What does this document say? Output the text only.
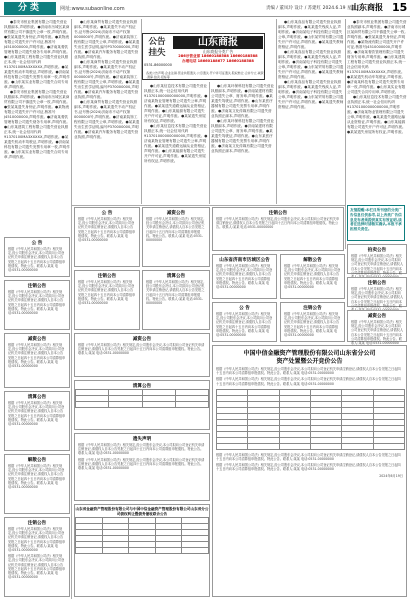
分类	网址:www.subaonline.com	责编 / 董凤玲 设计 / 苏建红 2024.6.19 星期三
山东商报 15

●泰安市恒业集团有限公司遗失营业执照副本,声明作废。●济南市历城区某商贸有限公司不慎遗失公章一枚,声明作废。●张某某遗失身份证,声明作废。●某物流有限公司遗失开户许可证,核准号J4510000000,声明作废。●济南某餐饮管理有限公司遗失财务专用章,声明作废。●山东某建筑工程有限公司遗失营业执照正本,统一社会信用代码91370100MA3XXXXX,声明作废。●某某遗失机动车驾驶证,声明作废。●济南某科技有限公司遗失发票专用章一枚,声明作废。●山东某实业有限公司遗失合同专用章,声明作废。

●泰安市恒业集团有限公司遗失营业执照副本,声明作废。●济南市历城区某商贸有限公司不慎遗失公章一枚,声明作废。●张某某遗失身份证,声明作废。●某物流有限公司遗失开户许可证,核准号J4510000000,声明作废。●济南某餐饮管理有限公司遗失财务专用章,声明作废。●山东某建筑工程有限公司遗失营业执照正本,统一社会信用代码91370100MA3XXXXX,声明作废。●某某遗失机动车驾驶证,声明作废。●济南某科技有限公司遗失发票专用章一枚,声明作废。●山东某实业有限公司遗失合同专用章,声明作废。

●山东某商贸有限公司遗失营业执照副本,声明作废。●某某遗失不动产权证书,证号鲁(2024)济南市不动产权第0000000号,声明作废。●济南某装饰工程有限公司遗失公章,声明作废。●某某遗失出生医学证明,编号P370000000,声明作废。●济南某汽车服务有限公司遗失营业执照,声明作废。

●山东某商贸有限公司遗失营业执照副本,声明作废。●某某遗失不动产权证书,证号鲁(2024)济南市不动产权第0000000号,声明作废。●济南某装饰工程有限公司遗失公章,声明作废。●某某遗失出生医学证明,编号P370000000,声明作废。●济南某汽车服务有限公司遗失营业执照,声明作废。

●山东某商贸有限公司遗失营业执照副本,声明作废。●某某遗失不动产权证书,证号鲁(2024)济南市不动产权第0000000号,声明作废。●济南某装饰工程有限公司遗失公章,声明作废。●某某遗失出生医学证明,编号P370000000,声明作废。●济南某汽车服务有限公司遗失营业执照,声明作废。

公告
挂失
0531-86000000
山东商报
山东商报分类广告
286@营业部 18660188588 18660188588
办理电话 18660188677 18660188588
各类公告声明·企业注销·营业执照遗失·公章遗失·开户许可证遗失·股权转让·合并分立·减资·清算·拍卖·招标等

●山东某信息技术有限公司遗失营业执照正本,统一社会信用代码913701000000000000,声明作废。●济南某物业管理有限公司遗失公章,声明作废。●某某遗失道路运输从业资格证,声明作废。●山东某能源有限公司遗失开户许可证,声明作废。●某某遗失房屋所有权证,声明作废。

●山东某信息技术有限公司遗失营业执照正本,统一社会信用代码913701000000000000,声明作废。●济南某物业管理有限公司遗失公章,声明作废。●某某遗失道路运输从业资格证,声明作废。●山东某能源有限公司遗失开户许可证,声明作废。●某某遗失房屋所有权证,声明作废。

●山东某环保科技有限公司遗失营业执照副本,声明作废。●济南某建材有限公司遗失公章、财务章,声明作废。●某某遗失驾驶证,声明作废。●山东某医疗器械有限公司遗失发票专用章,声明作废。●济南某文化传媒有限公司遗失营业执照正副本,声明作废。

●山东某环保科技有限公司遗失营业执照副本,声明作废。●济南某建材有限公司遗失公章、财务章,声明作废。●某某遗失驾驶证,声明作废。●山东某医疗器械有限公司遗失发票专用章,声明作废。●济南某文化传媒有限公司遗失营业执照正副本,声明作废。

●山东某食品有限公司遗失营业执照副本,声明作废。●某某遗失残疾人证,声明作废。●济南某电子科技有限公司遗失公章,声明作废。●山东某贸易有限公司遗失开户许可证,声明作废。●某某遗失教师资格证,声明作废。

●山东某食品有限公司遗失营业执照副本,声明作废。●某某遗失残疾人证,声明作废。●济南某电子科技有限公司遗失公章,声明作废。●山东某贸易有限公司遗失开户许可证,声明作废。●某某遗失教师资格证,声明作废。

●山东某食品有限公司遗失营业执照副本,声明作废。●某某遗失残疾人证,声明作废。●济南某电子科技有限公司遗失公章,声明作废。●山东某贸易有限公司遗失开户许可证,声明作废。●某某遗失教师资格证,声明作废。

●泰安市恒业集团有限公司遗失营业执照副本,声明作废。●济南市历城区某商贸有限公司不慎遗失公章一枚,声明作废。●张某某遗失身份证,声明作废。●某物流有限公司遗失开户许可证,核准号J4510000000,声明作废。●济南某餐饮管理有限公司遗失财务专用章,声明作废。●山东某建筑工程有限公司遗失营业执照正本,统一社会信用代码91370100MA3XXXXX,声明作废。●某某遗失机动车驾驶证,声明作废。●济南某科技有限公司遗失发票专用章一枚,声明作废。●山东某实业有限公司遗失合同专用章,声明作废。

●山东某信息技术有限公司遗失营业执照正本,统一社会信用代码913701000000000000,声明作废。●济南某物业管理有限公司遗失公章,声明作废。●某某遗失道路运输从业资格证,声明作废。●山东某能源有限公司遗失开户许可证,声明作废。●某某遗失房屋所有权证,声明作废。

友情提醒:本栏目所刊登的分类广告信息仅供参考,以上各类广告信息发布者须提供真实有效证明,读者在选择时请核实确认,本报不承担相关责任。
公 告
根据《中华人民共和国公司法》相关规定,经公司股东会决议,本公司拟向公司登记机关申请注销登记,请债权人自本公告见报之日起四十五日内向本公司清算组申报债权。特此公告。联系人:某某 电话:0531-00000000
注销公告
根据《中华人民共和国公司法》相关规定,经公司股东会决议,本公司拟向公司登记机关申请注销登记,请债权人自本公告见报之日起四十五日内向本公司清算组申报债权。特此公告。联系人:某某 电话:0531-00000000
减资公告
根据《中华人民共和国公司法》相关规定,经公司股东会决议,本公司拟向公司登记机关申请注销登记,请债权人自本公告见报之日起四十五日内向本公司清算组申报债权。特此公告。联系人:某某 电话:0531-00000000
清算公告
根据《中华人民共和国公司法》相关规定,经公司股东会决议,本公司拟向公司登记机关申请注销登记,请债权人自本公告见报之日起四十五日内向本公司清算组申报债权。特此公告。联系人:某某 电话:0531-00000000
解散公告
根据《中华人民共和国公司法》相关规定,经公司股东会决议,本公司拟向公司登记机关申请注销登记,请债权人自本公告见报之日起四十五日内向本公司清算组申报债权。特此公告。联系人:某某 电话:0531-00000000
注销公告
根据《中华人民共和国公司法》相关规定,经公司股东会决议,本公司拟向公司登记机关申请注销登记,请债权人自本公告见报之日起四十五日内向本公司清算组申报债权。特此公告。联系人:某某 电话:0531-00000000
根据《中华人民共和国公司法》相关规定,经公司股东会决议,本公司拟向公司登记机关申请注销登记,请债权人自本公告见报之日起四十五日内向本公司清算组申报债权。特此公告。联系人:某某 电话:0531-00000000
公 告
根据《中华人民共和国公司法》相关规定,经公司股东会决议,本公司拟向公司登记机关申请注销登记,请债权人自本公告见报之日起四十五日内向本公司清算组申报债权。特此公告。联系人:某某 电话:0531-00000000
注销公告
根据《中华人民共和国公司法》相关规定,经公司股东会决议,本公司拟向公司登记机关申请注销登记,请债权人自本公告见报之日起四十五日内向本公司清算组申报债权。特此公告。联系人:某某 电话:0531-00000000
减资公告
根据《中华人民共和国公司法》相关规定,经公司股东会决议,本公司拟向公司登记机关申请注销登记,请债权人自本公告见报之日起四十五日内向本公司清算组申报债权。特此公告。联系人:某某 电话:0531-00000000
清算公告
根据《中华人民共和国公司法》相关规定,经公司股东会决议,本公司拟向公司登记机关申请注销登记,请债权人自本公告见报之日起四十五日内向本公司清算组申报债权。特此公告。联系人:某某 电话:0531-00000000
注销公告
根据《中华人民共和国公司法》相关规定,经公司股东会决议,本公司拟向公司登记机关申请注销登记,请债权人自本公告见报之日起四十五日内向本公司清算组申报债权。特此公告。联系人:某某 电话:0531-00000000
山东省济南市历城区公告
根据《中华人民共和国公司法》相关规定,经公司股东会决议,本公司拟向公司登记机关申请注销登记,请债权人自本公告见报之日起四十五日内向本公司清算组申报债权。特此公告。联系人:某某 电话:0531-00000000
解散公告
根据《中华人民共和国公司法》相关规定,经公司股东会决议,本公司拟向公司登记机关申请注销登记,请债权人自本公告见报之日起四十五日内向本公司清算组申报债权。特此公告。联系人:某某 电话:0531-00000000
公 告
根据《中华人民共和国公司法》相关规定,经公司股东会决议,本公司拟向公司登记机关申请注销登记,请债权人自本公告见报之日起四十五日内向本公司清算组申报债权。特此公告。联系人:某某 电话:0531-00000000
注销公告
根据《中华人民共和国公司法》相关规定,经公司股东会决议,本公司拟向公司登记机关申请注销登记,请债权人自本公告见报之日起四十五日内向本公司清算组申报债权。特此公告。联系人:某某 电话:0531-00000000
拍卖公告
根据《中华人民共和国公司法》相关规定,经公司股东会决议,本公司拟向公司登记机关申请注销登记,请债权人自本公告见报之日起四十五日内向本公司清算组申报债权。特此公告。联
注销公告
根据《中华人民共和国公司法》相关规定,经公司股东会决议,本公司拟向公司登记机关申请注销登记,请债权人自本公告见报之日起四十五日内向本公司清算组申报债权。特此公告。联
减资公告
根据《中华人民共和国公司法》相关规定,经公司股东会决议,本公司拟向公司登记机关申请注销登记,请债权人自本公告见报之日起四十五日内向本公司清算组申报债权。特此公告。联系人:某某 电话:0531-00000000
减资公告
根据《中华人民共和国公司法》相关规定,经公司股东会决议,本公司拟向公司登记机关申请注销登记,请债权人自本公告见报之日起四十五日内向本公司清算组申报债权。特此公告。联系人:某某 电话:0531-00000000
清算公告

遗失声明
根据《中华人民共和国公司法》相关规定,经公司股东会决议,本公司拟向公司登记机关申请注销登记,请债权人自本公告见报之日起四十五日内向本公司清算组申报债权。特此公告。联系人:某某 电话:0531-00000000
根据《中华人民共和国公司法》相关规定,经公司股东会决议,本公司拟向公司登记机关申请注销登记,请债权人自本公告见报之日起四十五日内向本公司清算组申报债权。特此公告。联系人:某某 电话:0531-00000000
山东省金融资产管理股份有限公司与中国中信金融资产管理股份有限公司山东省分公司债权转让暨债务催收联合公告

中国中信金融资产管理股份有限公司山东省分公司
资产处置暨公开竞价公告
根据《中华人民共和国公司法》相关规定,经公司股东会决议,本公司拟向公司登记机关申请注销登记,请债权人自本公告见报之日起四十五日内向本公司清算组申报债权。特此公告。联系人:某某 电话:0531-00000000
根据《中华人民共和国公司法》相关规定,经公司股东会决议,本公司拟向公司登记机关申请注销登记,请债权人自本公告见报之日起四十五日内向本公司清算组申报债权。特此公告。联系人:某某 电话:0531-00000000

根据《中华人民共和国公司法》相关规定,经公司股东会决议,本公司拟向公司登记机关申请注销登记,请债权人自本公告见报之日起四十五日内向本公司清算组申报债权。特此公告。联系人:某某 电话:0531-00000000
根据《中华人民共和国公司法》相关规定,经公司股东会决议,本公司拟向公司登记机关申请注销登记,请债权人自本公告见报之日起四十五日内向本公司清算组申报债权。特此公告。联系人:某某 电话:0531-00000000
2024年6月19日
